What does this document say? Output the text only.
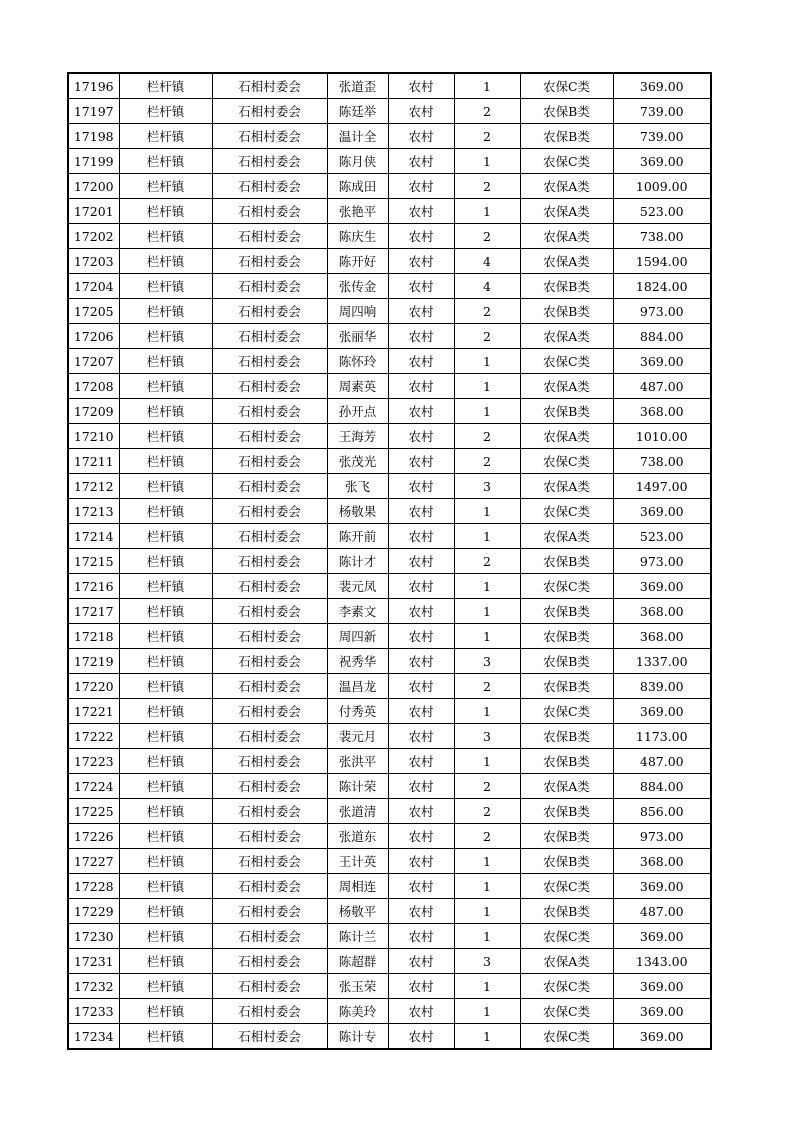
17196	栏杆镇	石相村委会	张道歪	农村	1	农保C类	369.00
17197	栏杆镇	石相村委会	陈廷举	农村	2	农保B类	739.00
17198	栏杆镇	石相村委会	温计全	农村	2	农保B类	739.00
17199	栏杆镇	石相村委会	陈月侠	农村	1	农保C类	369.00
17200	栏杆镇	石相村委会	陈成田	农村	2	农保A类	1009.00
17201	栏杆镇	石相村委会	张艳平	农村	1	农保A类	523.00
17202	栏杆镇	石相村委会	陈庆生	农村	2	农保A类	738.00
17203	栏杆镇	石相村委会	陈开好	农村	4	农保A类	1594.00
17204	栏杆镇	石相村委会	张传金	农村	4	农保B类	1824.00
17205	栏杆镇	石相村委会	周四响	农村	2	农保B类	973.00
17206	栏杆镇	石相村委会	张丽华	农村	2	农保A类	884.00
17207	栏杆镇	石相村委会	陈怀玲	农村	1	农保C类	369.00
17208	栏杆镇	石相村委会	周素英	农村	1	农保A类	487.00
17209	栏杆镇	石相村委会	孙开点	农村	1	农保B类	368.00
17210	栏杆镇	石相村委会	王海芳	农村	2	农保A类	1010.00
17211	栏杆镇	石相村委会	张茂光	农村	2	农保C类	738.00
17212	栏杆镇	石相村委会	张飞	农村	3	农保A类	1497.00
17213	栏杆镇	石相村委会	杨敬果	农村	1	农保C类	369.00
17214	栏杆镇	石相村委会	陈开前	农村	1	农保A类	523.00
17215	栏杆镇	石相村委会	陈计才	农村	2	农保B类	973.00
17216	栏杆镇	石相村委会	裴元凤	农村	1	农保C类	369.00
17217	栏杆镇	石相村委会	李素文	农村	1	农保B类	368.00
17218	栏杆镇	石相村委会	周四新	农村	1	农保B类	368.00
17219	栏杆镇	石相村委会	祝秀华	农村	3	农保B类	1337.00
17220	栏杆镇	石相村委会	温昌龙	农村	2	农保B类	839.00
17221	栏杆镇	石相村委会	付秀英	农村	1	农保C类	369.00
17222	栏杆镇	石相村委会	裴元月	农村	3	农保B类	1173.00
17223	栏杆镇	石相村委会	张洪平	农村	1	农保B类	487.00
17224	栏杆镇	石相村委会	陈计荣	农村	2	农保A类	884.00
17225	栏杆镇	石相村委会	张道清	农村	2	农保B类	856.00
17226	栏杆镇	石相村委会	张道东	农村	2	农保B类	973.00
17227	栏杆镇	石相村委会	王计英	农村	1	农保B类	368.00
17228	栏杆镇	石相村委会	周相连	农村	1	农保C类	369.00
17229	栏杆镇	石相村委会	杨敬平	农村	1	农保B类	487.00
17230	栏杆镇	石相村委会	陈计兰	农村	1	农保C类	369.00
17231	栏杆镇	石相村委会	陈超群	农村	3	农保A类	1343.00
17232	栏杆镇	石相村委会	张玉荣	农村	1	农保C类	369.00
17233	栏杆镇	石相村委会	陈美玲	农村	1	农保C类	369.00
17234	栏杆镇	石相村委会	陈计专	农村	1	农保C类	369.00
